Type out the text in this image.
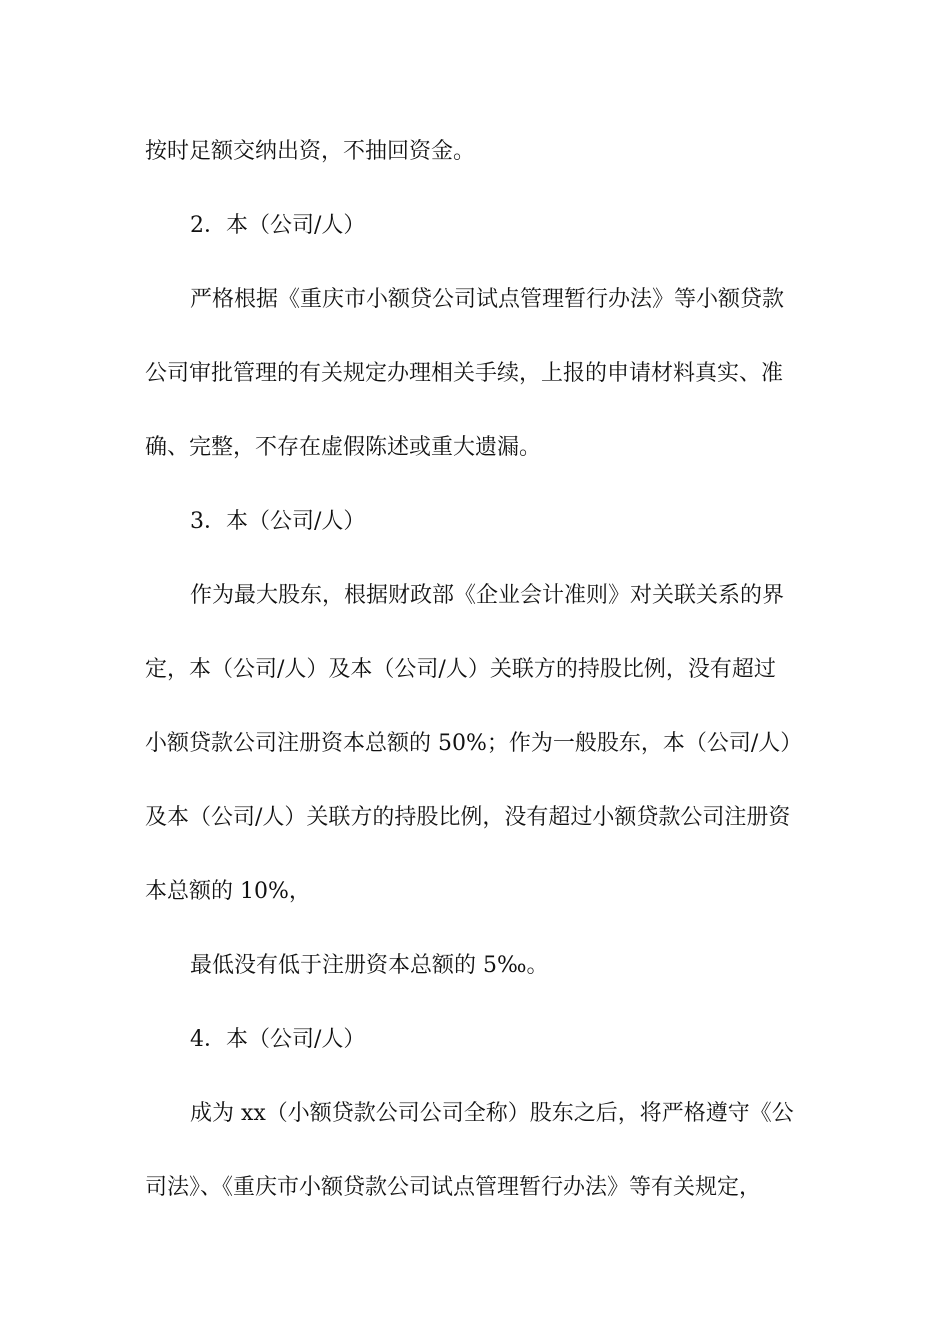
按时足额交纳出资，不抽回资金。
2．本（公司/人）
严格根据《重庆市小额贷公司试点管理暂行办法》等小额贷款
公司审批管理的有关规定办理相关手续，上报的申请材料真实、准
确、完整，不存在虚假陈述或重大遗漏。
3．本（公司/人）
作为最大股东，根据财政部《企业会计准则》对关联关系的界
定，本（公司/人）及本（公司/人）关联方的持股比例，没有超过
小额贷款公司注册资本总额的 50%；作为一般股东，本（公司/人）
及本（公司/人）关联方的持股比例，没有超过小额贷款公司注册资
本总额的 10%，
最低没有低于注册资本总额的 5‰。
4．本（公司/人）
成为 xx（小额贷款公司公司全称）股东之后，将严格遵守《公
司法》、《重庆市小额贷款公司试点管理暂行办法》等有关规定，
